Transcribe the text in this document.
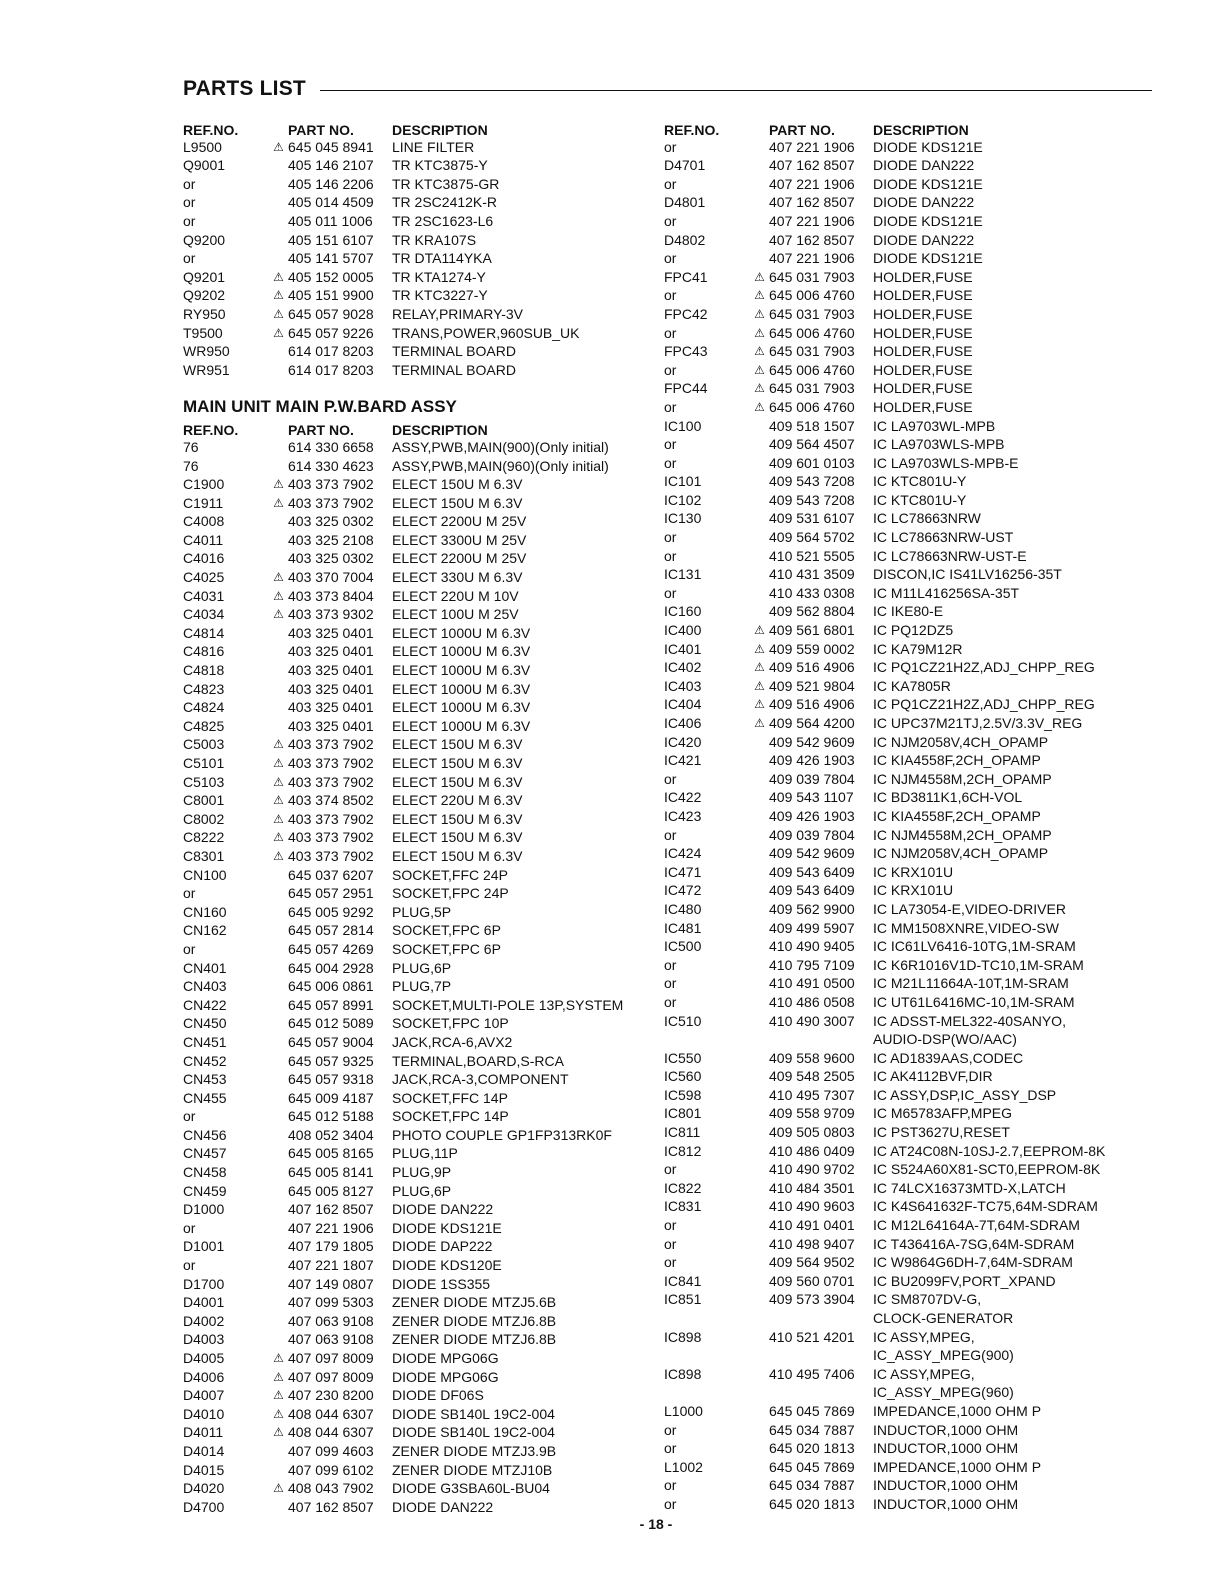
PARTS LIST
REF.NO.	PART NO.	DESCRIPTION
L9500	⚠ 645 045 8941	LINE FILTER
Q9001	405 146 2107	TR KTC3875-Y
or	405 146 2206	TR KTC3875-GR
or	405 014 4509	TR 2SC2412K-R
or	405 011 1006	TR 2SC1623-L6
Q9200	405 151 6107	TR KRA107S
or	405 141 5707	TR DTA114YKA
Q9201	⚠ 405 152 0005	TR KTA1274-Y
Q9202	⚠ 405 151 9900	TR KTC3227-Y
RY950	⚠ 645 057 9028	RELAY,PRIMARY-3V
T9500	⚠ 645 057 9226	TRANS,POWER,960SUB_UK
WR950	614 017 8203	TERMINAL BOARD
WR951	614 017 8203	TERMINAL BOARD
MAIN UNIT MAIN P.W.BARD ASSY
REF.NO.	PART NO.	DESCRIPTION
76	614 330 6658	ASSY,PWB,MAIN(900)(Only initial)
76	614 330 4623	ASSY,PWB,MAIN(960)(Only initial)
C1900	⚠ 403 373 7902	ELECT 150U M 6.3V
C1911	⚠ 403 373 7902	ELECT 150U M 6.3V
C4008	403 325 0302	ELECT 2200U M 25V
C4011	403 325 2108	ELECT 3300U M 25V
C4016	403 325 0302	ELECT 2200U M 25V
C4025	⚠ 403 370 7004	ELECT 330U M 6.3V
C4031	⚠ 403 373 8404	ELECT 220U M 10V
C4034	⚠ 403 373 9302	ELECT 100U M 25V
C4814	403 325 0401	ELECT 1000U M 6.3V
C4816	403 325 0401	ELECT 1000U M 6.3V
C4818	403 325 0401	ELECT 1000U M 6.3V
C4823	403 325 0401	ELECT 1000U M 6.3V
C4824	403 325 0401	ELECT 1000U M 6.3V
C4825	403 325 0401	ELECT 1000U M 6.3V
C5003	⚠ 403 373 7902	ELECT 150U M 6.3V
C5101	⚠ 403 373 7902	ELECT 150U M 6.3V
C5103	⚠ 403 373 7902	ELECT 150U M 6.3V
C8001	⚠ 403 374 8502	ELECT 220U M 6.3V
C8002	⚠ 403 373 7902	ELECT 150U M 6.3V
C8222	⚠ 403 373 7902	ELECT 150U M 6.3V
C8301	⚠ 403 373 7902	ELECT 150U M 6.3V
CN100	645 037 6207	SOCKET,FFC 24P
or	645 057 2951	SOCKET,FPC 24P
CN160	645 005 9292	PLUG,5P
CN162	645 057 2814	SOCKET,FPC 6P
or	645 057 4269	SOCKET,FPC 6P
CN401	645 004 2928	PLUG,6P
CN403	645 006 0861	PLUG,7P
CN422	645 057 8991	SOCKET,MULTI-POLE 13P,SYSTEM
CN450	645 012 5089	SOCKET,FPC 10P
CN451	645 057 9004	JACK,RCA-6,AVX2
CN452	645 057 9325	TERMINAL,BOARD,S-RCA
CN453	645 057 9318	JACK,RCA-3,COMPONENT
CN455	645 009 4187	SOCKET,FFC 14P
or	645 012 5188	SOCKET,FPC 14P
CN456	408 052 3404	PHOTO COUPLE GP1FP313RK0F
CN457	645 005 8165	PLUG,11P
CN458	645 005 8141	PLUG,9P
CN459	645 005 8127	PLUG,6P
D1000	407 162 8507	DIODE DAN222
or	407 221 1906	DIODE KDS121E
D1001	407 179 1805	DIODE DAP222
or	407 221 1807	DIODE KDS120E
D1700	407 149 0807	DIODE 1SS355
D4001	407 099 5303	ZENER DIODE MTZJ5.6B
D4002	407 063 9108	ZENER DIODE MTZJ6.8B
D4003	407 063 9108	ZENER DIODE MTZJ6.8B
D4005	⚠ 407 097 8009	DIODE MPG06G
D4006	⚠ 407 097 8009	DIODE MPG06G
D4007	⚠ 407 230 8200	DIODE DF06S
D4010	⚠ 408 044 6307	DIODE SB140L 19C2-004
D4011	⚠ 408 044 6307	DIODE SB140L 19C2-004
D4014	407 099 4603	ZENER DIODE MTZJ3.9B
D4015	407 099 6102	ZENER DIODE MTZJ10B
D4020	⚠ 408 043 7902	DIODE G3SBA60L-BU04
D4700	407 162 8507	DIODE DAN222
REF.NO.	PART NO.	DESCRIPTION
or	407 221 1906	DIODE KDS121E
D4701	407 162 8507	DIODE DAN222
or	407 221 1906	DIODE KDS121E
D4801	407 162 8507	DIODE DAN222
or	407 221 1906	DIODE KDS121E
D4802	407 162 8507	DIODE DAN222
or	407 221 1906	DIODE KDS121E
FPC41	⚠ 645 031 7903	HOLDER,FUSE
or	⚠ 645 006 4760	HOLDER,FUSE
FPC42	⚠ 645 031 7903	HOLDER,FUSE
or	⚠ 645 006 4760	HOLDER,FUSE
FPC43	⚠ 645 031 7903	HOLDER,FUSE
or	⚠ 645 006 4760	HOLDER,FUSE
FPC44	⚠ 645 031 7903	HOLDER,FUSE
or	⚠ 645 006 4760	HOLDER,FUSE
IC100	409 518 1507	IC LA9703WL-MPB
or	409 564 4507	IC LA9703WLS-MPB
or	409 601 0103	IC LA9703WLS-MPB-E
IC101	409 543 7208	IC KTC801U-Y
IC102	409 543 7208	IC KTC801U-Y
IC130	409 531 6107	IC LC78663NRW
or	409 564 5702	IC LC78663NRW-UST
or	410 521 5505	IC LC78663NRW-UST-E
IC131	410 431 3509	DISCON,IC IS41LV16256-35T
or	410 433 0308	IC M11L416256SA-35T
IC160	409 562 8804	IC IKE80-E
IC400	⚠ 409 561 6801	IC PQ12DZ5
IC401	⚠ 409 559 0002	IC KA79M12R
IC402	⚠ 409 516 4906	IC PQ1CZ21H2Z,ADJ_CHPP_REG
IC403	⚠ 409 521 9804	IC KA7805R
IC404	⚠ 409 516 4906	IC PQ1CZ21H2Z,ADJ_CHPP_REG
IC406	⚠ 409 564 4200	IC UPC37M21TJ,2.5V/3.3V_REG
IC420	409 542 9609	IC NJM2058V,4CH_OPAMP
IC421	409 426 1903	IC KIA4558F,2CH_OPAMP
or	409 039 7804	IC NJM4558M,2CH_OPAMP
IC422	409 543 1107	IC BD3811K1,6CH-VOL
IC423	409 426 1903	IC KIA4558F,2CH_OPAMP
or	409 039 7804	IC NJM4558M,2CH_OPAMP
IC424	409 542 9609	IC NJM2058V,4CH_OPAMP
IC471	409 543 6409	IC KRX101U
IC472	409 543 6409	IC KRX101U
IC480	409 562 9900	IC LA73054-E,VIDEO-DRIVER
IC481	409 499 5907	IC MM1508XNRE,VIDEO-SW
IC500	410 490 9405	IC IC61LV6416-10TG,1M-SRAM
or	410 795 7109	IC K6R1016V1D-TC10,1M-SRAM
or	410 491 0500	IC M21L11664A-10T,1M-SRAM
or	410 486 0508	IC UT61L6416MC-10,1M-SRAM
IC510	410 490 3007	IC ADSST-MEL322-40SANYO,
AUDIO-DSP(WO/AAC)
IC550	409 558 9600	IC AD1839AAS,CODEC
IC560	409 548 2505	IC AK4112BVF,DIR
IC598	410 495 7307	IC ASSY,DSP,IC_ASSY_DSP
IC801	409 558 9709	IC M65783AFP,MPEG
IC811	409 505 0803	IC PST3627U,RESET
IC812	410 486 0409	IC AT24C08N-10SJ-2.7,EEPROM-8K
or	410 490 9702	IC S524A60X81-SCT0,EEPROM-8K
IC822	410 484 3501	IC 74LCX16373MTD-X,LATCH
IC831	410 490 9603	IC K4S641632F-TC75,64M-SDRAM
or	410 491 0401	IC M12L64164A-7T,64M-SDRAM
or	410 498 9407	IC T436416A-7SG,64M-SDRAM
or	409 564 9502	IC W9864G6DH-7,64M-SDRAM
IC841	409 560 0701	IC BU2099FV,PORT_XPAND
IC851	409 573 3904	IC SM8707DV-G,
CLOCK-GENERATOR
IC898	410 521 4201	IC ASSY,MPEG,
IC_ASSY_MPEG(900)
IC898	410 495 7406	IC ASSY,MPEG,
IC_ASSY_MPEG(960)
L1000	645 045 7869	IMPEDANCE,1000 OHM P
or	645 034 7887	INDUCTOR,1000 OHM
or	645 020 1813	INDUCTOR,1000 OHM
L1002	645 045 7869	IMPEDANCE,1000 OHM P
or	645 034 7887	INDUCTOR,1000 OHM
or	645 020 1813	INDUCTOR,1000 OHM
- 18 -
